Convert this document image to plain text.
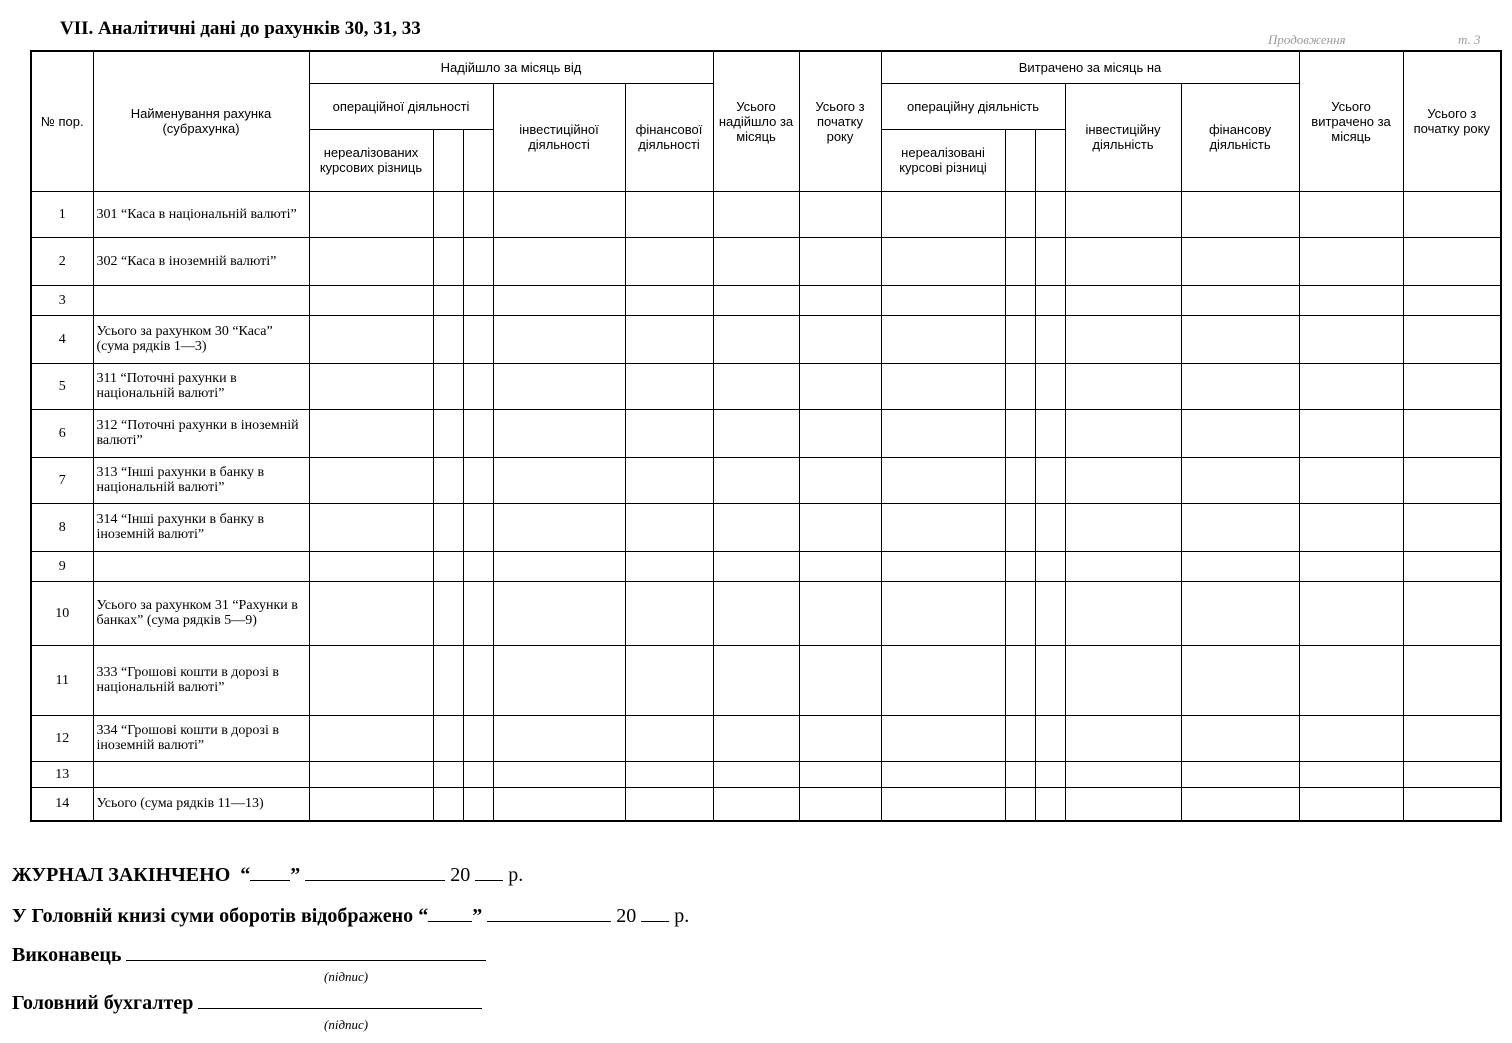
VII. Аналітичні дані до рахунків 30, 31, 33
Продовження	т. 3
№ пор.	Найменування рахунка (субрахунка)	Надійшло за місяць від					Усього надійшло за місяць	Усього з початку року	Витрачено за місяць на					Усього витрачено за місяць	Усього з початку року
		операційної діяльності			інвестиційної діяльності	фінансової діяльності			операційну діяльність			інвестиційну діяльність	фінансову діяльність		
		нереалізованих курсових різниць							нереалізовані курсові різниці						
1	301 “Каса в національній валюті”														
2	302 “Каса в іноземній валюті”														
3															
4	Усього за рахунком 30 “Каса” (сума рядків 1—3)														
5	311 “Поточні рахунки в національній валюті”														
6	312 “Поточні рахунки в іноземній валюті”														
7	313 “Інші рахунки в банку в національній валюті”														
8	314 “Інші рахунки в банку в іноземній валюті”														
9															
10	Усього за рахунком 31 “Рахунки в банках” (сума рядків 5—9)														
11	333 “Грошові кошти в дорозі в національній валюті”														
12	334 “Грошові кошти в дорозі в іноземній валюті”														
13															
14	Усього (сума рядків 11—13)														
ЖУРНАЛ ЗАКІНЧЕНО “ ”	20 р.
У Головній книзі суми оборотів відображено “ ”	20 р.
Виконавець
(підпис)
Головний бухгалтер
(підпис)
